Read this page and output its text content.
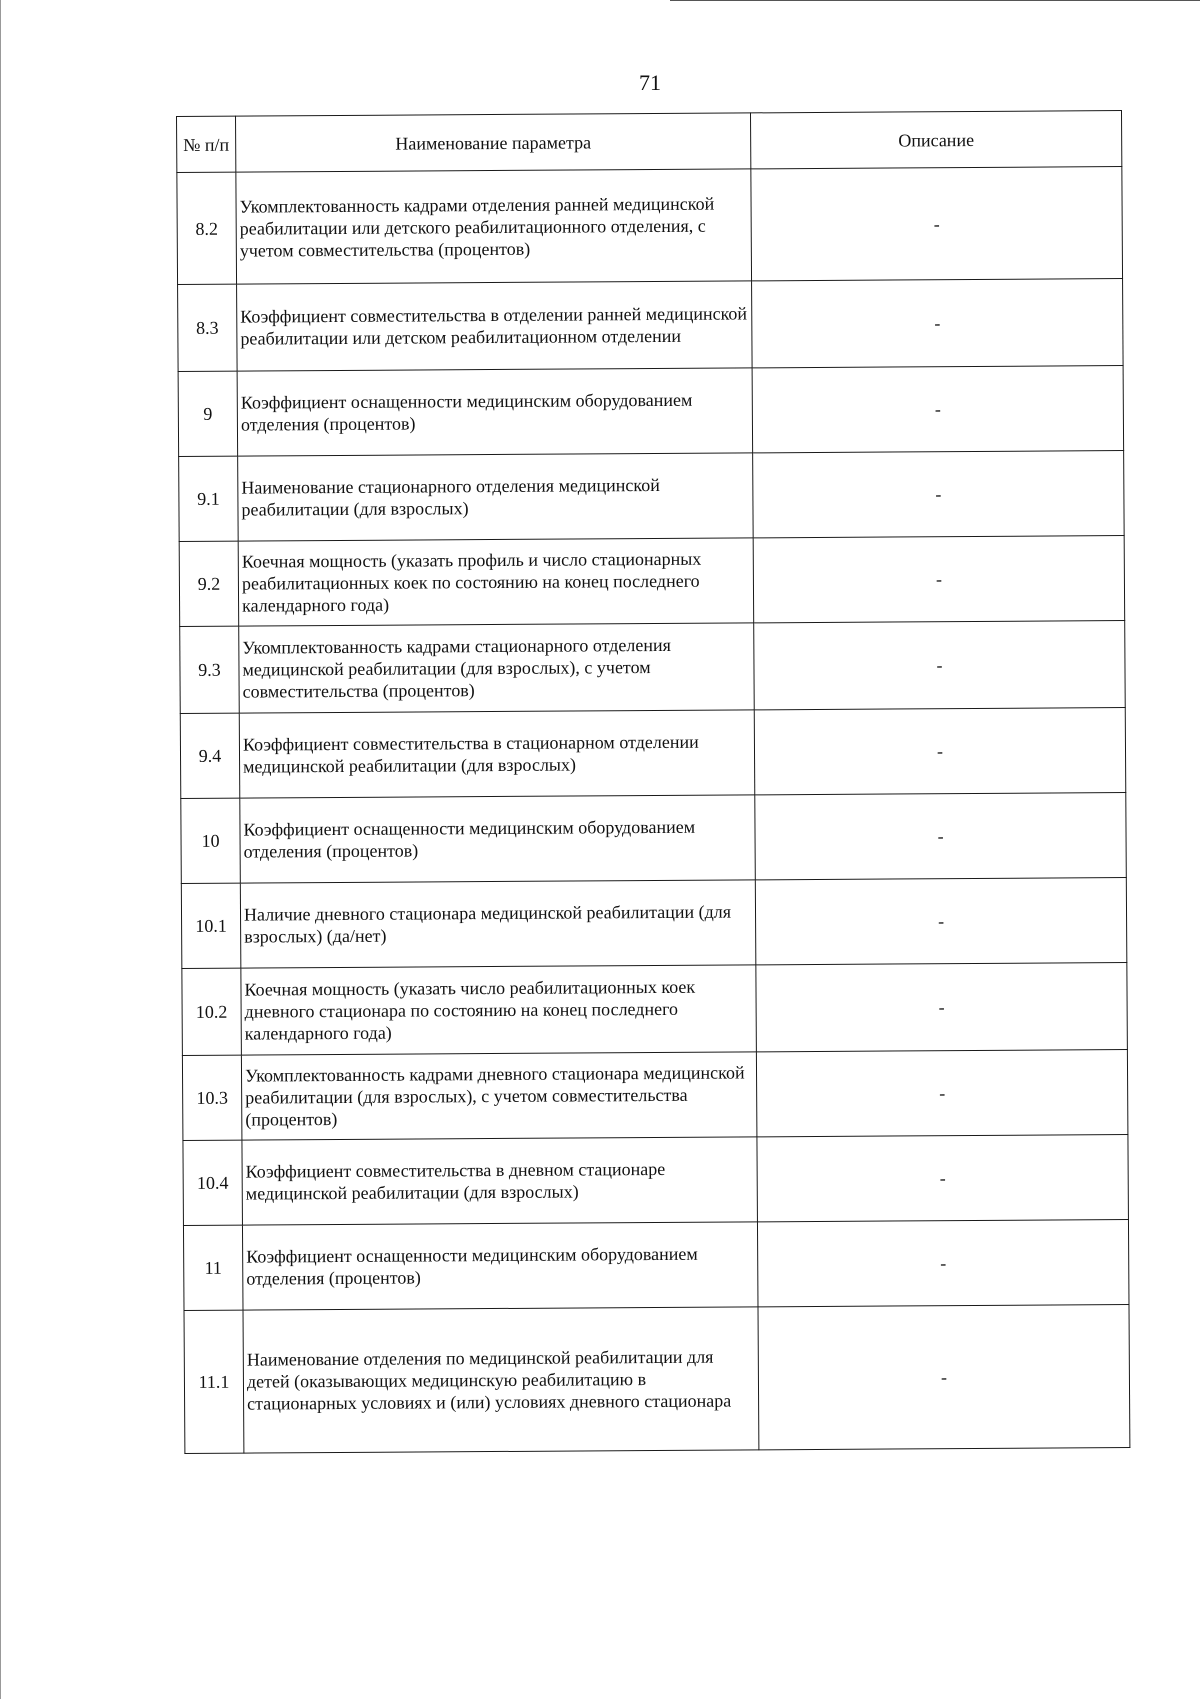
71
№ п/п	Наименование параметра	Описание
8.2	Укомплектованность кадрами отделения ранней медицинской реабилитации или детского реабилитационного отделения, с учетом совместительства (процентов)	-
8.3	Коэффициент совместительства в отделении ранней медицинской реабилитации или детском реабилитационном отделении	-
9	Коэффициент оснащенности медицинским оборудованием отделения (процентов)	-
9.1	Наименование стационарного отделения медицинской реабилитации (для взрослых)	-
9.2	Коечная мощность (указать профиль и число стационарных реабилитационных коек по состоянию на конец последнего календарного года)	-
9.3	Укомплектованность кадрами стационарного отделения медицинской реабилитации (для взрослых), с учетом совместительства (процентов)	-
9.4	Коэффициент совместительства в стационарном отделении медицинской реабилитации (для взрослых)	-
10	Коэффициент оснащенности медицинским оборудованием отделения (процентов)	-
10.1	Наличие дневного стационара медицинской реабилитации (для взрослых) (да/нет)	-
10.2	Коечная мощность (указать число реабилитационных коек дневного стационара по состоянию на конец последнего календарного года)	-
10.3	Укомплектованность кадрами дневного стационара медицинской реабилитации (для взрослых), с учетом совместительства (процентов)	-
10.4	Коэффициент совместительства в дневном стационаре медицинской реабилитации (для взрослых)	-
11	Коэффициент оснащенности медицинским оборудованием отделения (процентов)	-
11.1	Наименование отделения по медицинской реабилитации для детей (оказывающих медицинскую реабилитацию в стационарных условиях и (или) условиях дневного стационара	-
